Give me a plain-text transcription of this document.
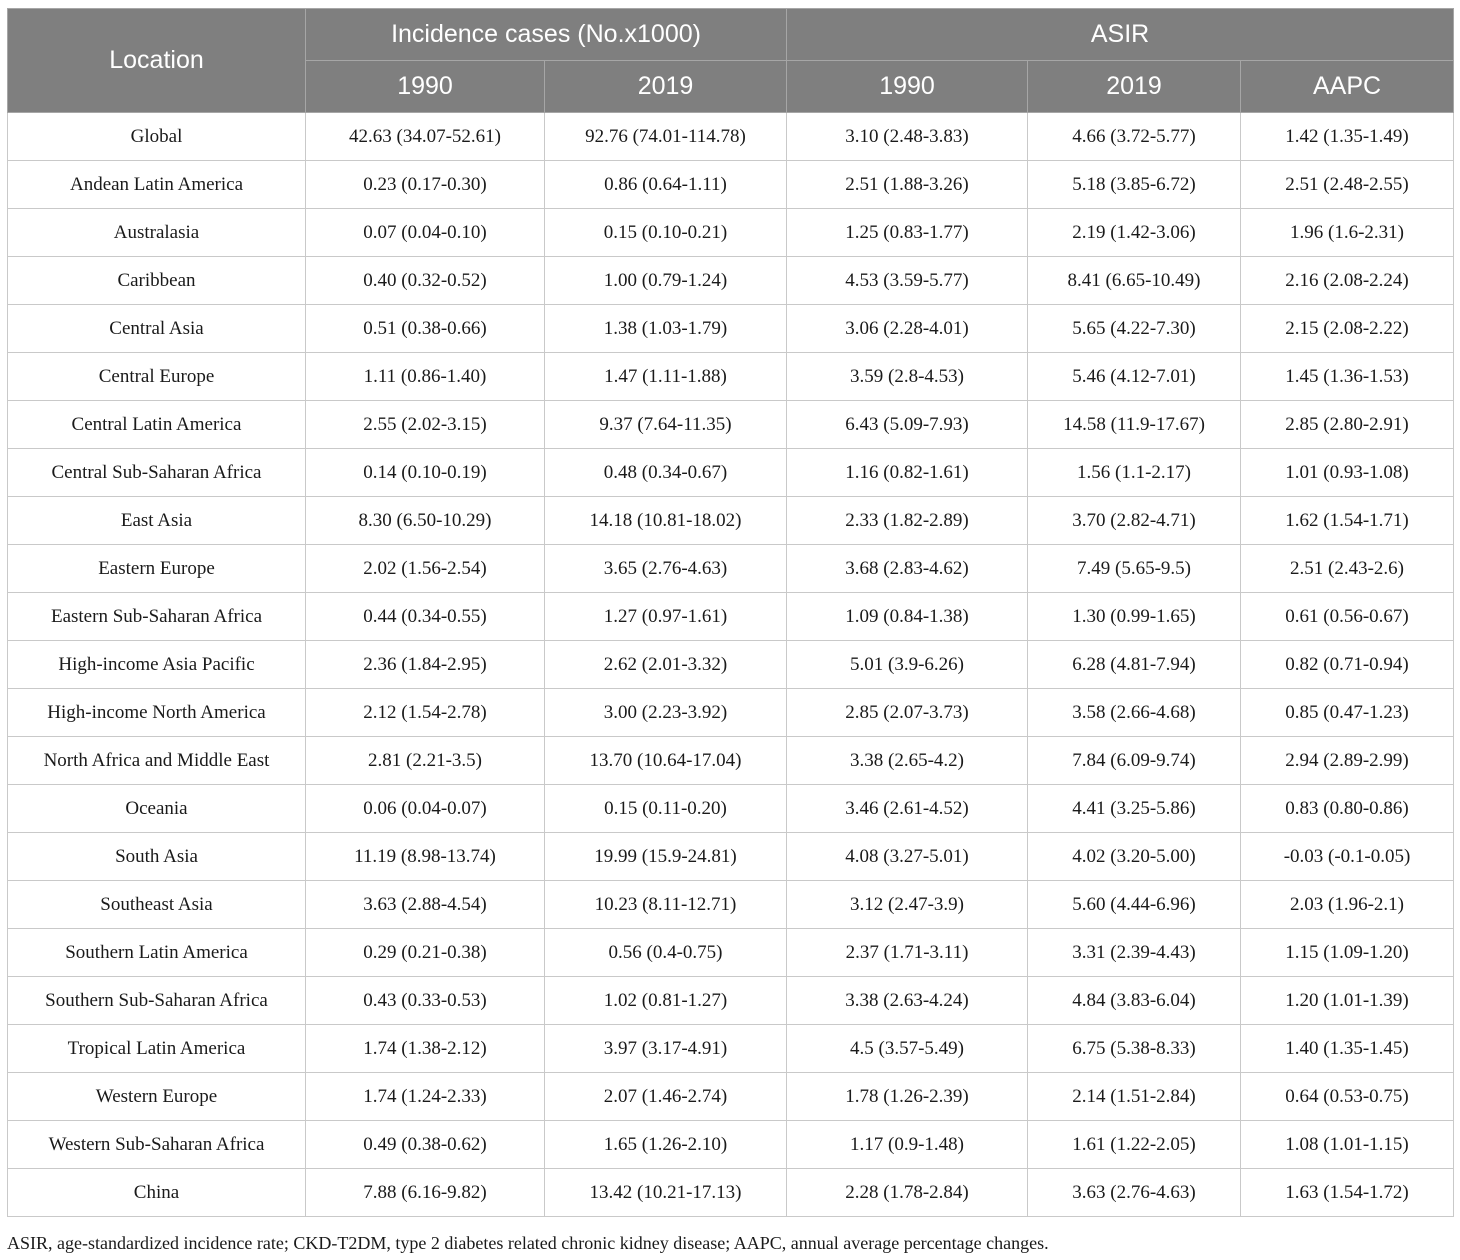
Location	Incidence cases (No.x1000)		ASIR		
	1990	2019	1990	2019	AAPC
Global	42.63 (34.07-52.61)	92.76 (74.01-114.78)	3.10 (2.48-3.83)	4.66 (3.72-5.77)	1.42 (1.35-1.49)
Andean Latin America	0.23 (0.17-0.30)	0.86 (0.64-1.11)	2.51 (1.88-3.26)	5.18 (3.85-6.72)	2.51 (2.48-2.55)
Australasia	0.07 (0.04-0.10)	0.15 (0.10-0.21)	1.25 (0.83-1.77)	2.19 (1.42-3.06)	1.96 (1.6-2.31)
Caribbean	0.40 (0.32-0.52)	1.00 (0.79-1.24)	4.53 (3.59-5.77)	8.41 (6.65-10.49)	2.16 (2.08-2.24)
Central Asia	0.51 (0.38-0.66)	1.38 (1.03-1.79)	3.06 (2.28-4.01)	5.65 (4.22-7.30)	2.15 (2.08-2.22)
Central Europe	1.11 (0.86-1.40)	1.47 (1.11-1.88)	3.59 (2.8-4.53)	5.46 (4.12-7.01)	1.45 (1.36-1.53)
Central Latin America	2.55 (2.02-3.15)	9.37 (7.64-11.35)	6.43 (5.09-7.93)	14.58 (11.9-17.67)	2.85 (2.80-2.91)
Central Sub-Saharan Africa	0.14 (0.10-0.19)	0.48 (0.34-0.67)	1.16 (0.82-1.61)	1.56 (1.1-2.17)	1.01 (0.93-1.08)
East Asia	8.30 (6.50-10.29)	14.18 (10.81-18.02)	2.33 (1.82-2.89)	3.70 (2.82-4.71)	1.62 (1.54-1.71)
Eastern Europe	2.02 (1.56-2.54)	3.65 (2.76-4.63)	3.68 (2.83-4.62)	7.49 (5.65-9.5)	2.51 (2.43-2.6)
Eastern Sub-Saharan Africa	0.44 (0.34-0.55)	1.27 (0.97-1.61)	1.09 (0.84-1.38)	1.30 (0.99-1.65)	0.61 (0.56-0.67)
High-income Asia Pacific	2.36 (1.84-2.95)	2.62 (2.01-3.32)	5.01 (3.9-6.26)	6.28 (4.81-7.94)	0.82 (0.71-0.94)
High-income North America	2.12 (1.54-2.78)	3.00 (2.23-3.92)	2.85 (2.07-3.73)	3.58 (2.66-4.68)	0.85 (0.47-1.23)
North Africa and Middle East	2.81 (2.21-3.5)	13.70 (10.64-17.04)	3.38 (2.65-4.2)	7.84 (6.09-9.74)	2.94 (2.89-2.99)
Oceania	0.06 (0.04-0.07)	0.15 (0.11-0.20)	3.46 (2.61-4.52)	4.41 (3.25-5.86)	0.83 (0.80-0.86)
South Asia	11.19 (8.98-13.74)	19.99 (15.9-24.81)	4.08 (3.27-5.01)	4.02 (3.20-5.00)	-0.03 (-0.1-0.05)
Southeast Asia	3.63 (2.88-4.54)	10.23 (8.11-12.71)	3.12 (2.47-3.9)	5.60 (4.44-6.96)	2.03 (1.96-2.1)
Southern Latin America	0.29 (0.21-0.38)	0.56 (0.4-0.75)	2.37 (1.71-3.11)	3.31 (2.39-4.43)	1.15 (1.09-1.20)
Southern Sub-Saharan Africa	0.43 (0.33-0.53)	1.02 (0.81-1.27)	3.38 (2.63-4.24)	4.84 (3.83-6.04)	1.20 (1.01-1.39)
Tropical Latin America	1.74 (1.38-2.12)	3.97 (3.17-4.91)	4.5 (3.57-5.49)	6.75 (5.38-8.33)	1.40 (1.35-1.45)
Western Europe	1.74 (1.24-2.33)	2.07 (1.46-2.74)	1.78 (1.26-2.39)	2.14 (1.51-2.84)	0.64 (0.53-0.75)
Western Sub-Saharan Africa	0.49 (0.38-0.62)	1.65 (1.26-2.10)	1.17 (0.9-1.48)	1.61 (1.22-2.05)	1.08 (1.01-1.15)
China	7.88 (6.16-9.82)	13.42 (10.21-17.13)	2.28 (1.78-2.84)	3.63 (2.76-4.63)	1.63 (1.54-1.72)
ASIR, age-standardized incidence rate; CKD-T2DM, type 2 diabetes related chronic kidney disease; AAPC, annual average percentage changes.
